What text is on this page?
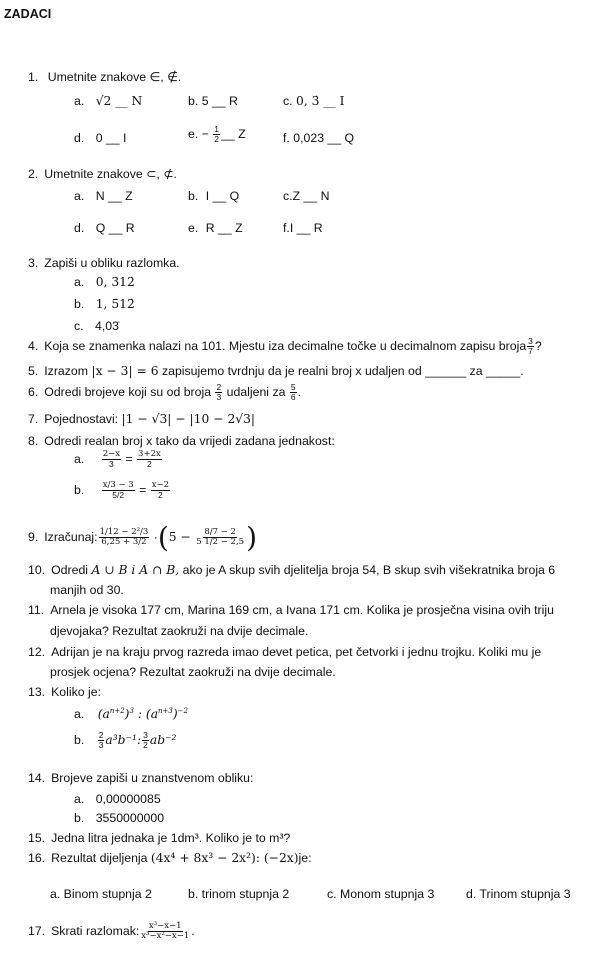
ZADACI
1. Umetnite znakove ∈, ∉.
a. √2 __ N	b. 5 __ R	c. 0, 3̇ __ I
d. 0 __ I	e. − $\frac{1}{2}$ __ Z	f. 0,023 __ Q
2. Umetnite znakove ⊂, ⊄.
a. N __ Z	b. I __ Q	c.Z __ N
d. Q __ R	e. R __ Z	f.I __ R
3. Zapiši u obliku razlomka.
a. 0, 3̇12̇
b. 1, 5̇12̇
c. 4,03̇
4. Koja se znamenka nalazi na 101. Mjestu iza decimalne točke u decimalnom zapisu broja $\frac{3}{7}$ ?
5. Izrazom |x − 3| = 6 zapisujemo tvrdnju da je realni broj x udaljen od ______ za _____.
6. Odredi brojeve koji su od broja $\frac{2}{3}$ udaljeni za $\frac{5}{6}$ .
7. Pojednostavi: |1 − √3| − |10 − 2√3|
8. Odredi realan broj x tako da vrijedi zadana jednakost:
a. $\frac{2-x}{3} = \frac{3+2x}{2}$
b. $\frac{x/3 - 3}{5/2} = \frac{x-2}{2}$
9. Izračunaj: $\frac{\text{1/12 − 2²/3}}{6,25 + 3/2} \cdot(5 - \frac{8/7 - 2}{5 1/2 - 2,5}$ )
10. Odredi A ∪ B i A ∩ B, ako je A skup svih djelitelja broja 54, B skup svih višekratnika broja 6
manjih od 30.
11. Arnela je visoka 177 cm, Marina 169 cm, a Ivana 171 cm. Kolika je prosječna visina ovih triju
djevojaka? Rezultat zaokruži na dvije decimale.
12. Adrijan je na kraju prvog razreda imao devet petica, pet četvorki i jednu trojku. Koliki mu je
prosjek ocjena? Rezultat zaokruži na dvije decimale.
13. Koliko je:
a. $(a^{n+2})^3$ : $(a^{n+3})^{-2}$
b. $\frac{2}{3} a^3b^{-1}$: $\frac{3}{2} ab^{-2}$
14. Brojeve zapiši u znanstvenom obliku:
a. 0,00000085
b. 3550000000
15. Jedna litra jednaka je 1dm³. Koliko je to m³?
16. Rezultat dijeljenja (4x⁴ + 8x³ − 2x²): (−2x)je:
a. Binom stupnja 2	b. trinom stupnja 2	c. Monom stupnja 3	d. Trinom stupnja 3
17. Skrati razlomak: $\frac{\text{x³−x−1}}{\text{x³−x²−x−1}}$ .
